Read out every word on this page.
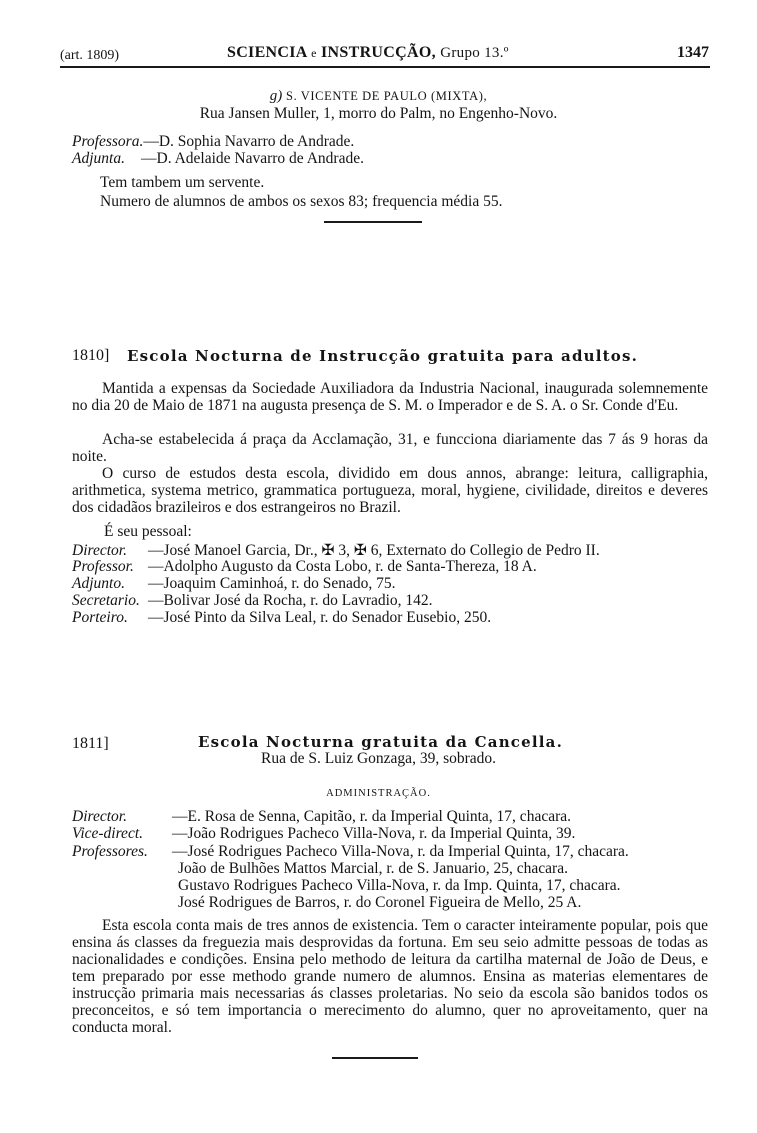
(art. 1809)	SCIENCIA e INSTRUCÇÃO, Grupo 13.º	1347
g) S. VICENTE DE PAULO (MIXTA),
Rua Jansen Muller, 1, morro do Palm, no Engenho-Novo.
Professora.—D. Sophia Navarro de Andrade.
Adjunta. —D. Adelaide Navarro de Andrade.
Tem tambem um servente.
Numero de alumnos de ambos os sexos 83; frequencia média 55.
1810] Escola Nocturna de Instrucção gratuita para adultos.
Mantida a expensas da Sociedade Auxiliadora da Industria Nacional, inaugurada solemnemente no dia 20 de Maio de 1871 na augusta presença de S. M. o Imperador e de S. A. o Sr. Conde d'Eu.
Acha-se estabelecida á praça da Acclamação, 31, e funcciona diariamente das 7 ás 9 horas da noite.
O curso de estudos desta escola, dividido em dous annos, abrange: leitura, calligraphia, arithmetica, systema metrico, grammatica portugueza, moral, hygiene, civilidade, direitos e deveres dos cidadãos brazileiros e dos estrangeiros no Brazil.
É seu pessoal:
Director. —José Manoel Garcia, Dr., ✠ 3, ✠ 6, Externato do Collegio de Pedro II.
Professor. —Adolpho Augusto da Costa Lobo, r. de Santa-Thereza, 18 A.
Adjunto. —Joaquim Caminhoá, r. do Senado, 75.
Secretario. —Bolivar José da Rocha, r. do Lavradio, 142.
Porteiro. —José Pinto da Silva Leal, r. do Senador Eusebio, 250.
1811]	Escola Nocturna gratuita da Cancella.
Rua de S. Luiz Gonzaga, 39, sobrado.
ADMINISTRAÇÃO.
Director.	—E. Rosa de Senna, Capitão, r. da Imperial Quinta, 17, chacara.
Vice-direct. —João Rodrigues Pacheco Villa-Nova, r. da Imperial Quinta, 39.
Professores. —José Rodrigues Pacheco Villa-Nova, r. da Imperial Quinta, 17, chacara.
João de Bulhões Mattos Marcial, r. de S. Januario, 25, chacara.
Gustavo Rodrigues Pacheco Villa-Nova, r. da Imp. Quinta, 17, chacara.
José Rodrigues de Barros, r. do Coronel Figueira de Mello, 25 A.
Esta escola conta mais de tres annos de existencia. Tem o caracter inteiramente popular, pois que ensina ás classes da freguezia mais desprovidas da fortuna. Em seu seio admitte pessoas de todas as nacionalidades e condições. Ensina pelo methodo de leitura da cartilha maternal de João de Deus, e tem preparado por esse methodo grande numero de alumnos. Ensina as materias elementares de instrucção primaria mais necessarias ás classes proletarias. No seio da escola são banidos todos os preconceitos, e só tem importancia o merecimento do alumno, quer no aproveitamento, quer na conducta moral.
